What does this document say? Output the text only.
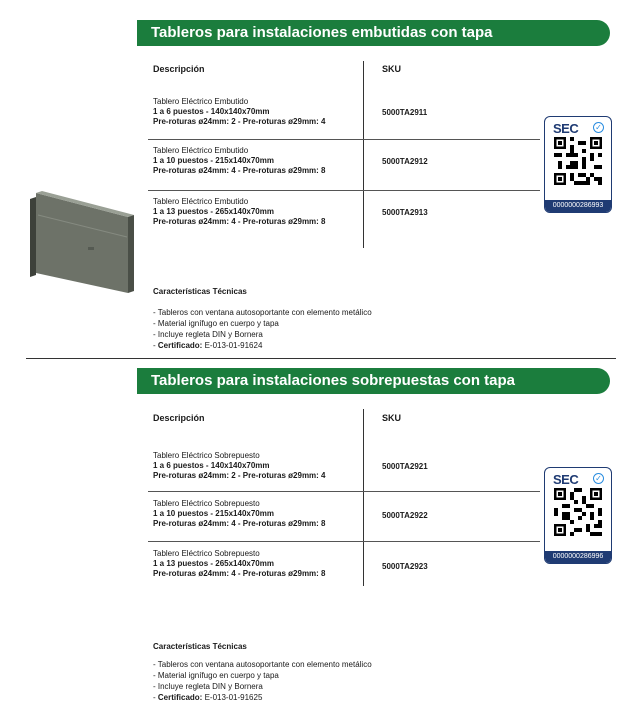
Tableros para instalaciones embutidas con tapa
Descripción	SKU
Tablero Eléctrico Embutido
1 a 6 puestos - 140x140x70mm
Pre-roturas ø24mm: 2 - Pre-roturas ø29mm: 4
5000TA2911
Tablero Eléctrico Embutido
1 a 10 puestos - 215x140x70mm
Pre-roturas ø24mm: 4 - Pre-roturas ø29mm: 8
5000TA2912
Tablero Eléctrico Embutido
1 a 13 puestos - 265x140x70mm
Pre-roturas ø24mm: 4 - Pre-roturas ø29mm: 8
5000TA2913
SEC ✓
0000000286993
Características Técnicas
- Tableros con ventana autosoportante con elemento metálico
- Material ignífugo en cuerpo y tapa
- Incluye regleta DIN y Bornera
- Certificado: E-013-01-91624
Tableros para instalaciones sobrepuestas con tapa
Descripción	SKU
Tablero Eléctrico Sobrepuesto
1 a 6 puestos - 140x140x70mm
Pre-roturas ø24mm: 2 - Pre-roturas ø29mm: 4
5000TA2921
Tablero Eléctrico Sobrepuesto
1 a 10 puestos - 215x140x70mm
Pre-roturas ø24mm: 4 - Pre-roturas ø29mm: 8
5000TA2922
Tablero Eléctrico Sobrepuesto
1 a 13 puestos - 265x140x70mm
Pre-roturas ø24mm: 4 - Pre-roturas ø29mm: 8
5000TA2923
SEC ✓
0000000286996
Características Técnicas
- Tableros con ventana autosoportante con elemento metálico
- Material ignífugo en cuerpo y tapa
- Incluye regleta DIN y Bornera
- Certificado: E-013-01-91625
